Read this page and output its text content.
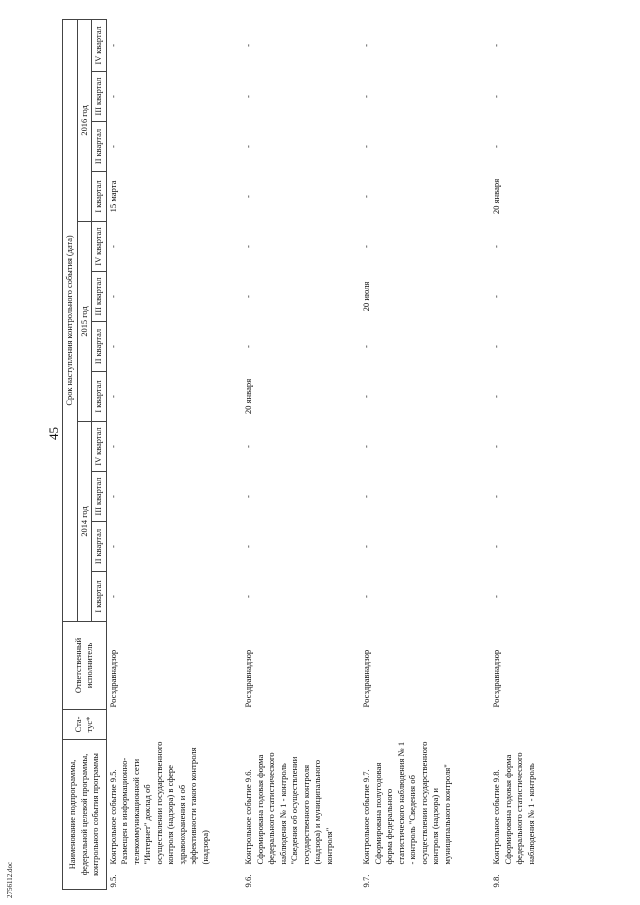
45
2756112.doc
Наименование подпрограммы, федеральной целевой программы, контрольного события программы		Ста-тус*	Ответственный исполнитель	Срок наступления контрольного события (дата)											
				2014 год				2015 год				2016 год			
				I квартал	II квартал	III квартал	IV квартал	I квартал	II квартал	III квартал	IV квартал	I квартал	II квартал	III квартал	IV квартал
9.5.	Контрольное событие 9.5. Размещен в информационно-телекоммуникационной сети "Интернет" доклад об осуществлении государственного контроля (надзора) в сфере здравоохранения и об эффективности такого контроля (надзора)		Росздравнадзор	-	-	-	-	-	-	-	-	15 марта	-	-	-
9.6.	Контрольное событие 9.6. Сформирована годовая форма федерального статистического наблюдения № 1 - контроль "Сведения об осуществлении государственного контроля (надзора) и муниципального контроля"		Росздравнадзор	-	-	-	-	20 января	-	-	-	-	-	-	-
9.7.	Контрольное событие 9.7. Сформирована полугодовая форма федерального статистического наблюдения № 1 - контроль "Сведения об осуществлении государственного контроля (надзора) и муниципального контроля"		Росздравнадзор	-	-	-	-	-	-	20 июля	-	-	-	-	-
9.8.	Контрольное событие 9.8. Сформирована годовая форма федерального статистического наблюдения № 1 - контроль		Росздравнадзор	-	-	-	-	-	-	-	-	20 января	-	-	-
